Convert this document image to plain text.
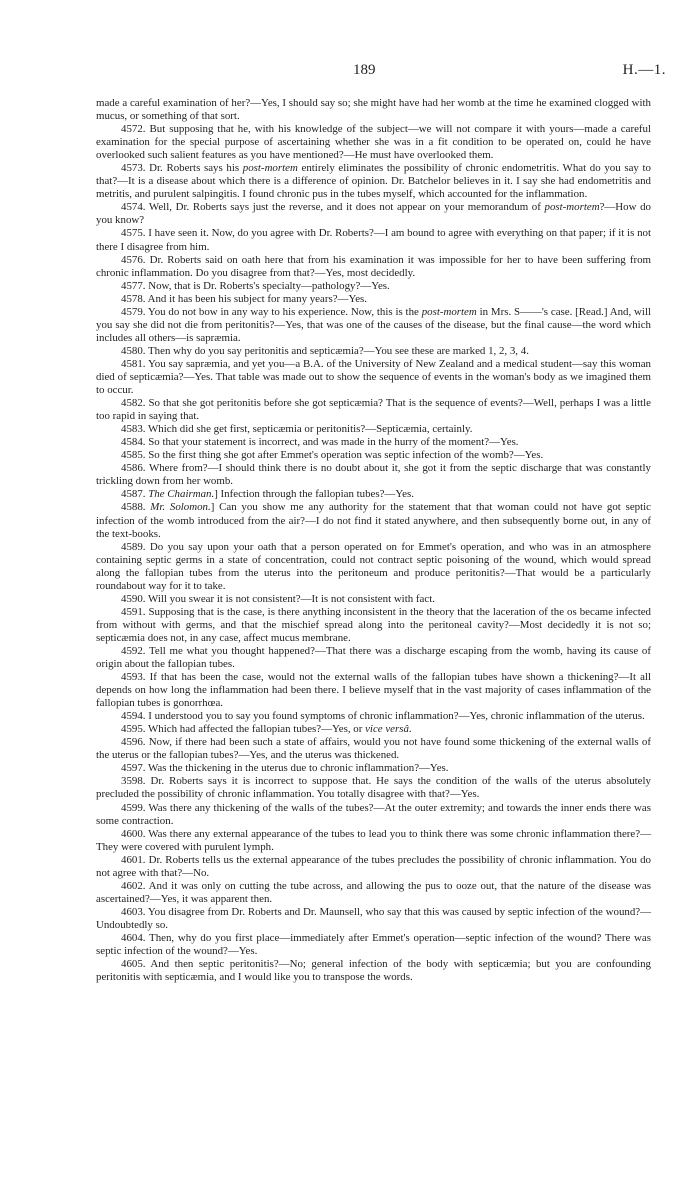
189	H.—1.

made a careful examination of her?—Yes, I should say so; she might have had her womb at the time he examined clogged with mucus, or something of that sort.

4572. But supposing that he, with his knowledge of the subject—we will not compare it with yours—made a careful examination for the special purpose of ascertaining whether she was in a fit condition to be operated on, could he have overlooked such salient features as you have mentioned?—He must have overlooked them.

4573. Dr. Roberts says his post-mortem entirely eliminates the possibility of chronic endometritis. What do you say to that?—It is a disease about which there is a difference of opinion. Dr. Batchelor believes in it. I say she had endometritis and metritis, and purulent salpingitis. I found chronic pus in the tubes myself, which accounted for the inflammation.

4574. Well, Dr. Roberts says just the reverse, and it does not appear on your memorandum of post-mortem?—How do you know?

4575. I have seen it. Now, do you agree with Dr. Roberts?—I am bound to agree with everything on that paper; if it is not there I disagree from him.

4576. Dr. Roberts said on oath here that from his examination it was impossible for her to have been suffering from chronic inflammation. Do you disagree from that?—Yes, most decidedly.

4577. Now, that is Dr. Roberts's specialty—pathology?—Yes.

4578. And it has been his subject for many years?—Yes.

4579. You do not bow in any way to his experience. Now, this is the post-mortem in Mrs. S——'s case. [Read.] And, will you say she did not die from peritonitis?—Yes, that was one of the causes of the disease, but the final cause—the word which includes all others—is sapræmia.

4580. Then why do you say peritonitis and septicæmia?—You see these are marked 1, 2, 3, 4.

4581. You say sapræmia, and yet you—a B.A. of the University of New Zealand and a medical student—say this woman died of septicæmia?—Yes. That table was made out to show the sequence of events in the woman's body as we imagined them to occur.

4582. So that she got peritonitis before she got septicæmia? That is the sequence of events?—Well, perhaps I was a little too rapid in saying that.

4583. Which did she get first, septicæmia or peritonitis?—Septicæmia, certainly.

4584. So that your statement is incorrect, and was made in the hurry of the moment?—Yes.

4585. So the first thing she got after Emmet's operation was septic infection of the womb?—Yes.

4586. Where from?—I should think there is no doubt about it, she got it from the septic discharge that was constantly trickling down from her womb.

4587. The Chairman.] Infection through the fallopian tubes?—Yes.

4588. Mr. Solomon.] Can you show me any authority for the statement that that woman could not have got septic infection of the womb introduced from the air?—I do not find it stated anywhere, and then subsequently borne out, in any of the text-books.

4589. Do you say upon your oath that a person operated on for Emmet's operation, and who was in an atmosphere containing septic germs in a state of concentration, could not contract septic poisoning of the wound, which would spread along the fallopian tubes from the uterus into the peritoneum and produce peritonitis?—That would be a particularly roundabout way for it to take.

4590. Will you swear it is not consistent?—It is not consistent with fact.

4591. Supposing that is the case, is there anything inconsistent in the theory that the laceration of the os became infected from without with germs, and that the mischief spread along into the peritoneal cavity?—Most decidedly it is not so; septicæmia does not, in any case, affect mucus membrane.

4592. Tell me what you thought happened?—That there was a discharge escaping from the womb, having its cause of origin about the fallopian tubes.

4593. If that has been the case, would not the external walls of the fallopian tubes have shown a thickening?—It all depends on how long the inflammation had been there. I believe myself that in the vast majority of cases inflammation of the fallopian tubes is gonorrhœa.

4594. I understood you to say you found symptoms of chronic inflammation?—Yes, chronic inflammation of the uterus.

4595. Which had affected the fallopian tubes?—Yes, or vice versâ.

4596. Now, if there had been such a state of affairs, would you not have found some thickening of the external walls of the uterus or the fallopian tubes?—Yes, and the uterus was thickened.

4597. Was the thickening in the uterus due to chronic inflammation?—Yes.

3598. Dr. Roberts says it is incorrect to suppose that. He says the condition of the walls of the uterus absolutely precluded the possibility of chronic inflammation. You totally disagree with that?—Yes.

4599. Was there any thickening of the walls of the tubes?—At the outer extremity; and towards the inner ends there was some contraction.

4600. Was there any external appearance of the tubes to lead you to think there was some chronic inflammation there?—They were covered with purulent lymph.

4601. Dr. Roberts tells us the external appearance of the tubes precludes the possibility of chronic inflammation. You do not agree with that?—No.

4602. And it was only on cutting the tube across, and allowing the pus to ooze out, that the nature of the disease was ascertained?—Yes, it was apparent then.

4603. You disagree from Dr. Roberts and Dr. Maunsell, who say that this was caused by septic infection of the wound?—Undoubtedly so.

4604. Then, why do you first place—immediately after Emmet's operation—septic infection of the wound? There was septic infection of the wound?—Yes.

4605. And then septic peritonitis?—No; general infection of the body with septicæmia; but you are confounding peritonitis with septicæmia, and I would like you to transpose the words.
